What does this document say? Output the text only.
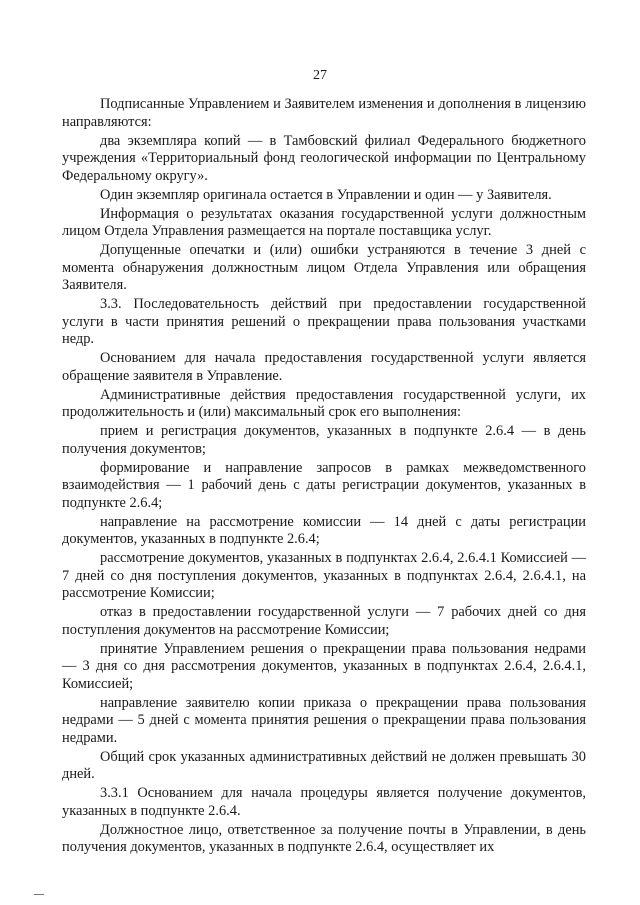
27

Подписанные Управлением и Заявителем изменения и дополнения в лицензию направляются:

два экземпляра копий — в Тамбовский филиал Федерального бюджетного учреждения «Территориальный фонд геологической информации по Центральному Федеральному округу».

Один экземпляр оригинала остается в Управлении и один — у Заявителя.

Информация о результатах оказания государственной услуги должностным лицом Отдела Управления размещается на портале поставщика услуг.

Допущенные опечатки и (или) ошибки устраняются в течение 3 дней с момента обнаружения должностным лицом Отдела Управления или обращения Заявителя.

3.3. Последовательность действий при предоставлении государственной услуги в части принятия решений о прекращении права пользования участками недр.

Основанием для начала предоставления государственной услуги является обращение заявителя в Управление.

Административные действия предоставления государственной услуги, их продолжительность и (или) максимальный срок его выполнения:

прием и регистрация документов, указанных в подпункте 2.6.4 — в день получения документов;

формирование и направление запросов в рамках межведомственного взаимодействия — 1 рабочий день с даты регистрации документов, указанных в подпункте 2.6.4;

направление на рассмотрение комиссии — 14 дней с даты регистрации документов, указанных в подпункте 2.6.4;

рассмотрение документов, указанных в подпунктах 2.6.4, 2.6.4.1 Комиссией — 7 дней со дня поступления документов, указанных в подпунктах 2.6.4, 2.6.4.1, на рассмотрение Комиссии;

отказ в предоставлении государственной услуги — 7 рабочих дней со дня поступления документов на рассмотрение Комиссии;

принятие Управлением решения о прекращении права пользования недрами — 3 дня со дня рассмотрения документов, указанных в подпунктах 2.6.4, 2.6.4.1, Комиссией;

направление заявителю копии приказа о прекращении права пользования недрами — 5 дней с момента принятия решения о прекращении права пользования недрами.

Общий срок указанных административных действий не должен превышать 30 дней.

3.3.1 Основанием для начала процедуры является получение документов, указанных в подпункте 2.6.4.

Должностное лицо, ответственное за получение почты в Управлении, в день получения документов, указанных в подпункте 2.6.4, осуществляет их
